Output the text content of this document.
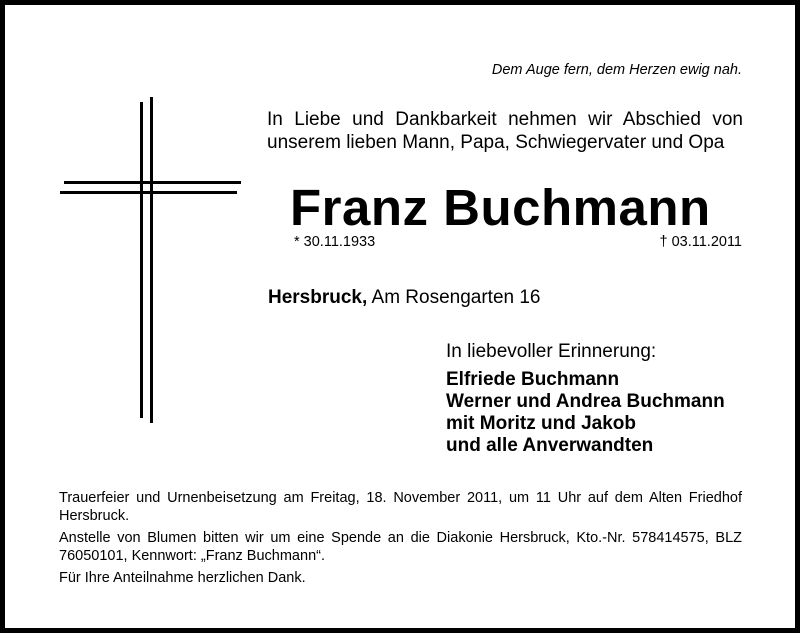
Dem Auge fern, dem Herzen ewig nah.
In Liebe und Dankbarkeit nehmen wir Abschied von unserem lieben Mann, Papa, Schwiegervater und Opa
Franz Buchmann
* 30.11.1933	† 03.11.2011
Hersbruck, Am Rosengarten 16
In liebevoller Erinnerung:
Elfriede Buchmann
Werner und Andrea Buchmann
mit Moritz und Jakob
und alle Anverwandten

Trauerfeier und Urnenbeisetzung am Freitag, 18. November 2011, um 11 Uhr auf dem Alten Friedhof Hersbruck.

Anstelle von Blumen bitten wir um eine Spende an die Diakonie Hersbruck, Kto.-Nr. 578414575, BLZ 76050101, Kennwort: „Franz Buchmann“.

Für Ihre Anteilnahme herzlichen Dank.
